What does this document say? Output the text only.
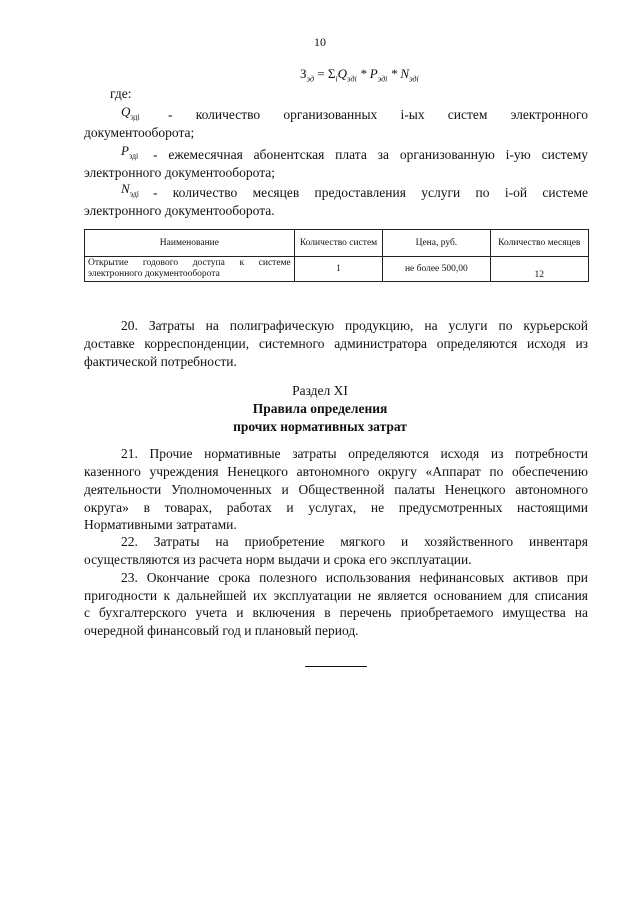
10
$З_{эд} = \Sigma_iQ_{эдi} * P_{эдi} * N_{эдi}$
где:
$Q_{эдi}$ - количество организованных i-ых систем электронного
документооборота;
$P_{эдi}$ - ежемесячная абонентская плата за организованную i-ую систему
электронного документооборота;
$N_{эдi}$ - количество месяцев предоставления услуги по i-ой системе
электронного документооборота.
Наименование	Количество систем	Цена, руб.	Количество месяцев

Открытие годового доступа к системе
электронного документооборота	1	не более 500,00	12
20. Затраты на полиграфическую продукцию, на услуги по курьерской
доставке корреспонденции, системного администратора определяются исходя из
фактической потребности.
Раздел XI
Правила определения
прочих нормативных затрат
21. Прочие нормативные затраты определяются исходя из потребности
казенного учреждения Ненецкого автономного округу «Аппарат по обеспечению
деятельности Уполномоченных и Общественной палаты Ненецкого автономного
округа» в товарах, работах и услугах, не предусмотренных настоящими
Нормативными затратами.
22. Затраты на приобретение мягкого и хозяйственного инвентаря
осуществляются из расчета норм выдачи и срока его эксплуатации.
23. Окончание срока полезного использования нефинансовых активов при
пригодности к дальнейшей их эксплуатации не является основанием для списания
с бухгалтерского учета и включения в перечень приобретаемого имущества на
очередной финансовый год и плановый период.
